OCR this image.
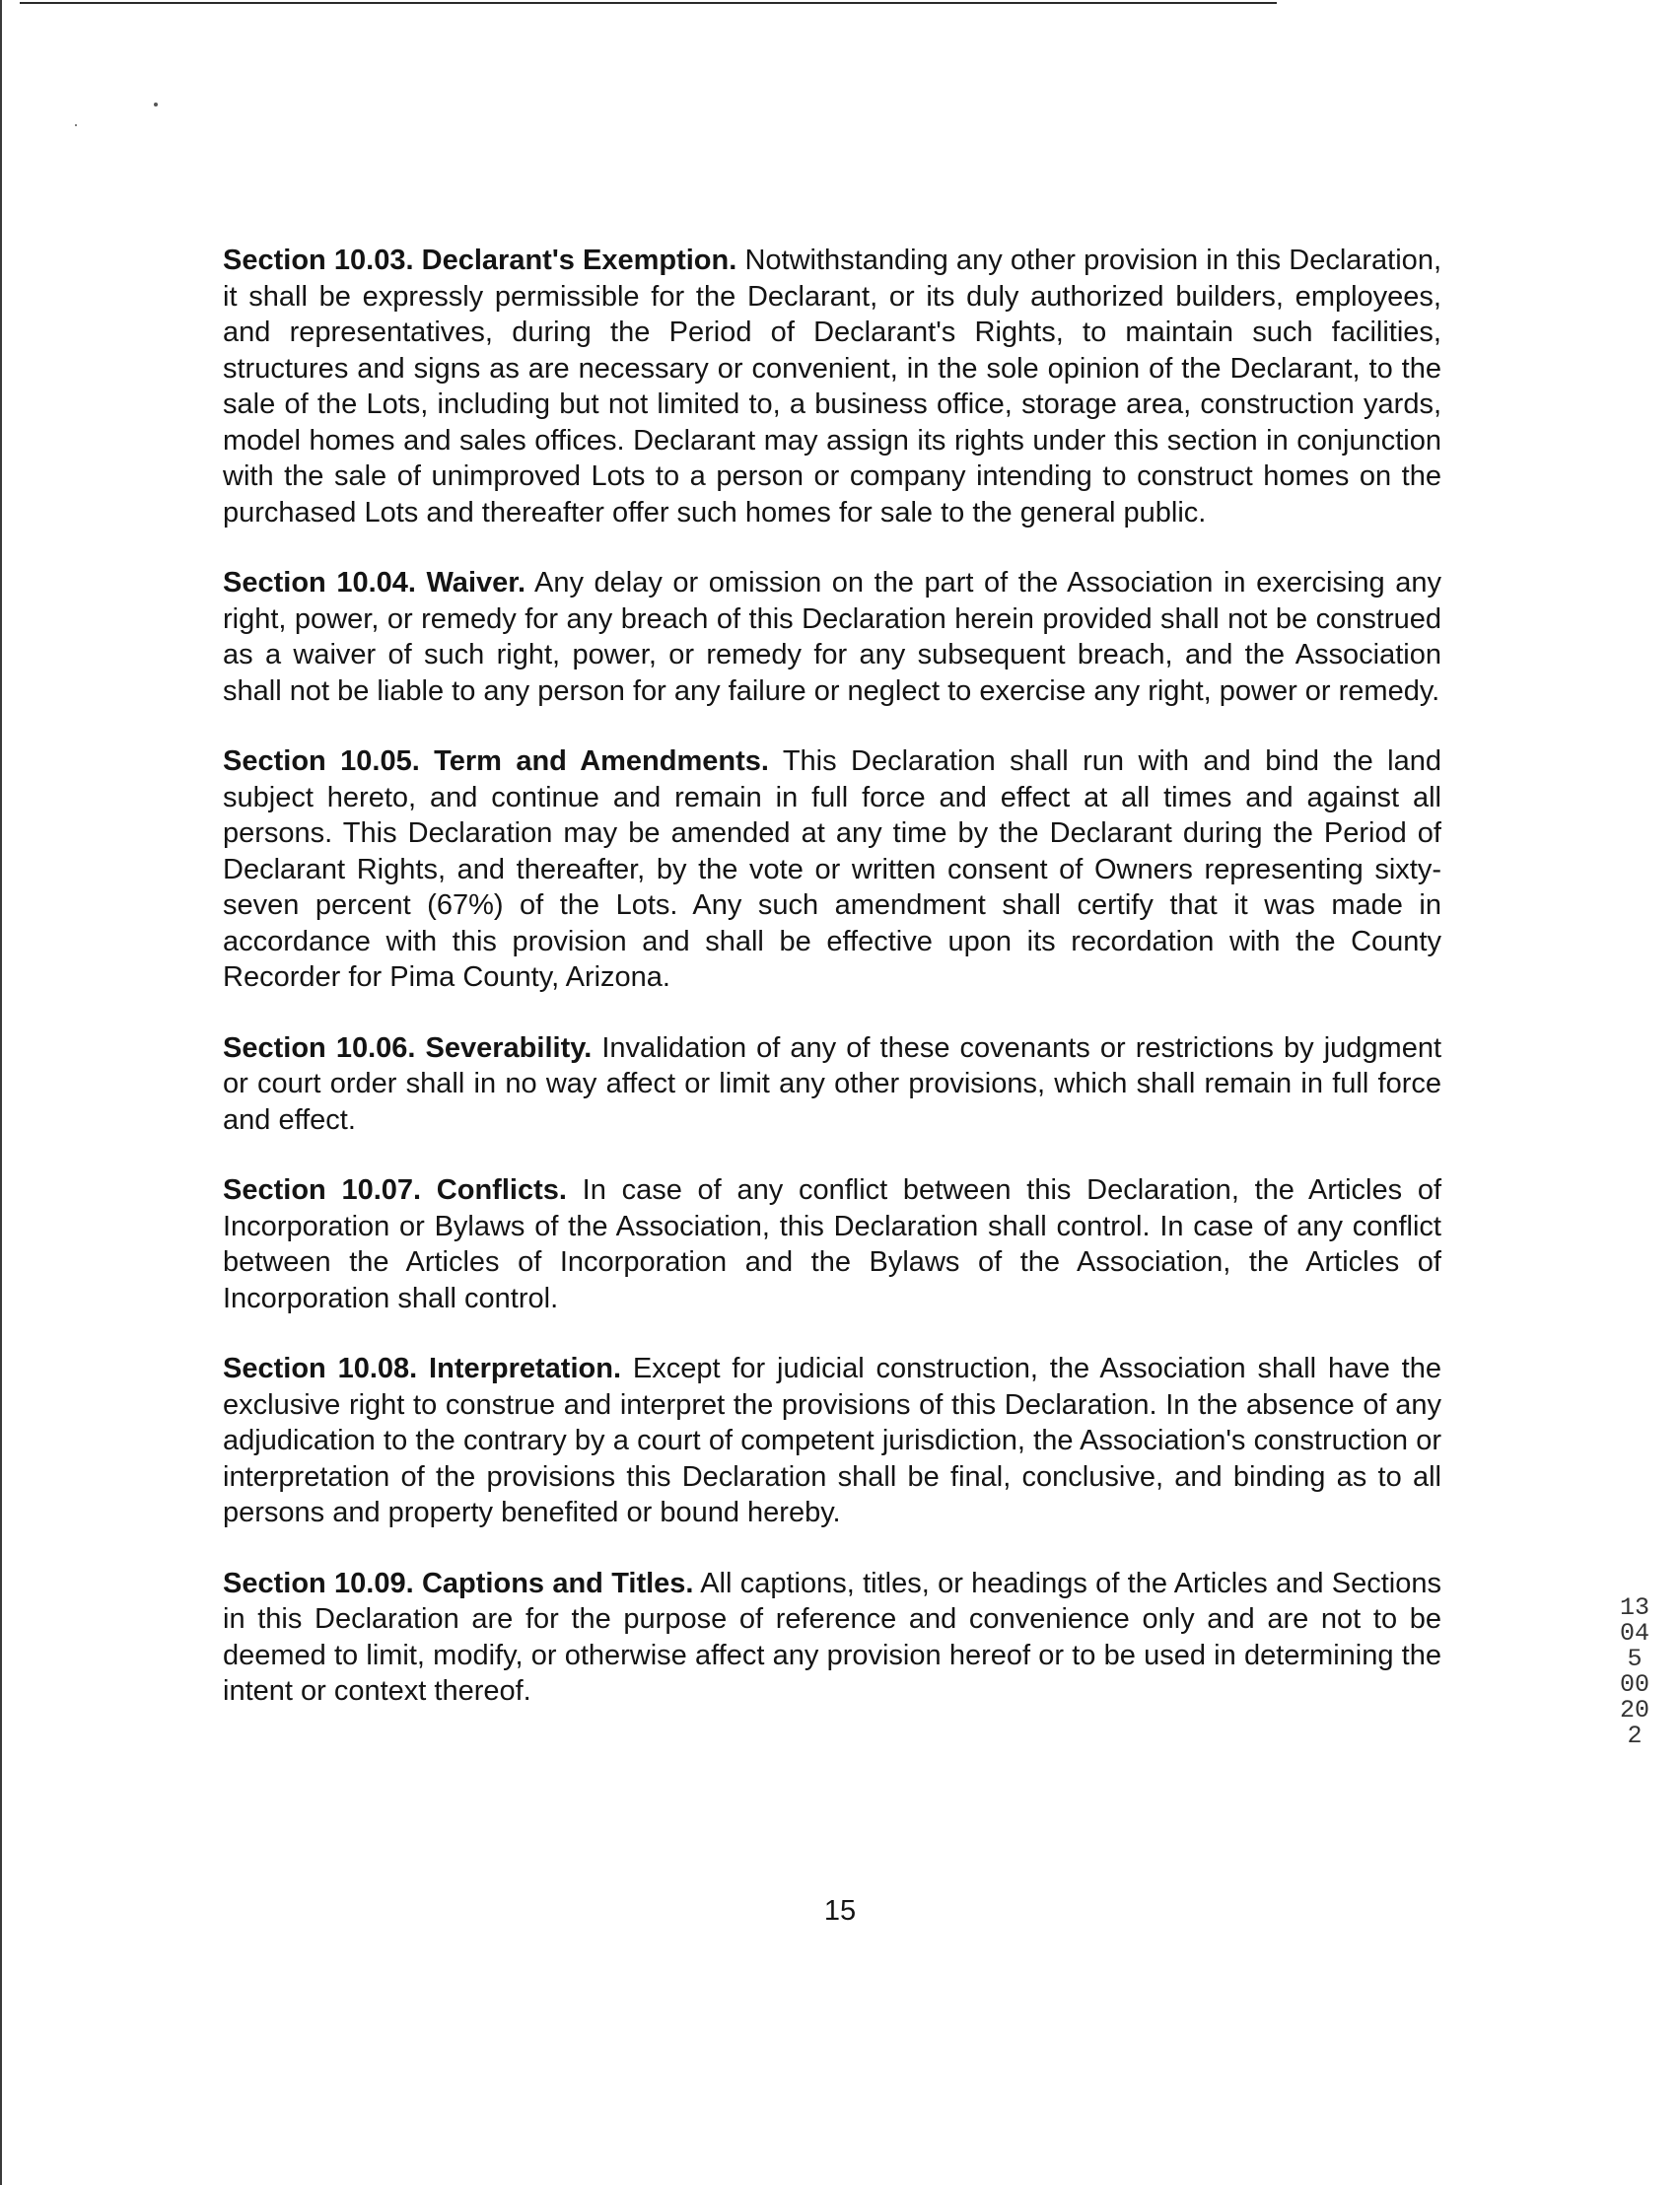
Section 10.03. Declarant's Exemption. Notwithstanding any other provision in this Declaration, it shall be expressly permissible for the Declarant, or its duly authorized builders, employees, and representatives, during the Period of Declarant's Rights, to maintain such facilities, structures and signs as are necessary or convenient, in the sole opinion of the Declarant, to the sale of the Lots, including but not limited to, a business office, storage area, construction yards, model homes and sales offices. Declarant may assign its rights under this section in conjunction with the sale of unimproved Lots to a person or company intending to construct homes on the purchased Lots and thereafter offer such homes for sale to the general public.

Section 10.04. Waiver. Any delay or omission on the part of the Association in exercising any right, power, or remedy for any breach of this Declaration herein provided shall not be construed as a waiver of such right, power, or remedy for any subsequent breach, and the Association shall not be liable to any person for any failure or neglect to exercise any right, power or remedy.

Section 10.05. Term and Amendments. This Declaration shall run with and bind the land subject hereto, and continue and remain in full force and effect at all times and against all persons. This Declaration may be amended at any time by the Declarant during the Period of Declarant Rights, and thereafter, by the vote or written consent of Owners representing sixty-seven percent (67%) of the Lots. Any such amendment shall certify that it was made in accordance with this provision and shall be effective upon its recordation with the County Recorder for Pima County, Arizona.

Section 10.06. Severability. Invalidation of any of these covenants or restrictions by judgment or court order shall in no way affect or limit any other provisions, which shall remain in full force and effect.

Section 10.07. Conflicts. In case of any conflict between this Declaration, the Articles of Incorporation or Bylaws of the Association, this Declaration shall control. In case of any conflict between the Articles of Incorporation and the Bylaws of the Association, the Articles of Incorporation shall control.

Section 10.08. Interpretation. Except for judicial construction, the Association shall have the exclusive right to construe and interpret the provisions of this Declaration. In the absence of any adjudication to the contrary by a court of competent jurisdiction, the Association's construction or interpretation of the provisions this Declaration shall be final, conclusive, and binding as to all persons and property benefited or bound hereby.

Section 10.09. Captions and Titles. All captions, titles, or headings of the Articles and Sections in this Declaration are for the purpose of reference and convenience only and are not to be deemed to limit, modify, or otherwise affect any provision hereof or to be used in determining the intent or context thereof.

15
13045 00202
